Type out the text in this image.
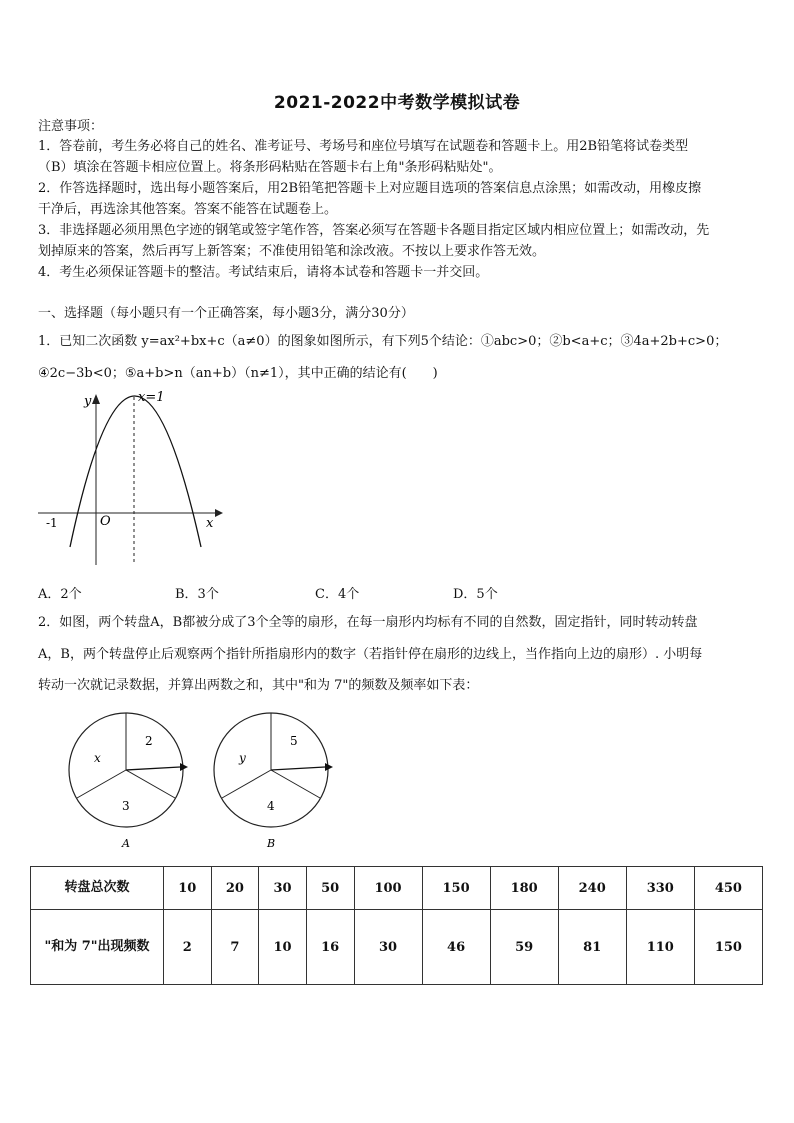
2021-2022中考数学模拟试卷
注意事项：
1．答卷前，考生务必将自己的姓名、准考证号、考场号和座位号填写在试题卷和答题卡上。用2B铅笔将试卷类型
（B）填涂在答题卡相应位置上。将条形码粘贴在答题卡右上角"条形码粘贴处"。
2．作答选择题时，选出每小题答案后，用2B铅笔把答题卡上对应题目选项的答案信息点涂黑；如需改动，用橡皮擦
干净后，再选涂其他答案。答案不能答在试题卷上。
3．非选择题必须用黑色字迹的钢笔或签字笔作答，答案必须写在答题卡各题目指定区域内相应位置上；如需改动，先
划掉原来的答案，然后再写上新答案；不准使用铅笔和涂改液。不按以上要求作答无效。
4．考生必须保证答题卡的整洁。考试结束后，请将本试卷和答题卡一并交回。
一、选择题（每小题只有一个正确答案，每小题3分，满分30分）
1．已知二次函数 y=ax²+bx+c（a≠0）的图象如图所示，有下列5个结论：①abc>0；②b<a+c；③4a+2b+c>0；
④2c−3b<0；⑤a+b>n（an+b）（n≠1），其中正确的结论有(　　)
y
x
O
-1
x=1
A．2个	B．3个	C．4个	D．5个
2．如图，两个转盘A，B都被分成了3个全等的扇形，在每一扇形内均标有不同的自然数，固定指针，同时转动转盘
A，B，两个转盘停止后观察两个指针所指扇形内的数字（若指针停在扇形的边线上，当作指向上边的扇形）. 小明每
转动一次就记录数据，并算出两数之和，其中"和为 7"的频数及频率如下表：
2
x
3
A
5
y
4
B
转盘总次数	10	20	30	50	100	150	180	240	330	450
"和为 7"出现频数	2	7	10	16	30	46	59	81	110	150
